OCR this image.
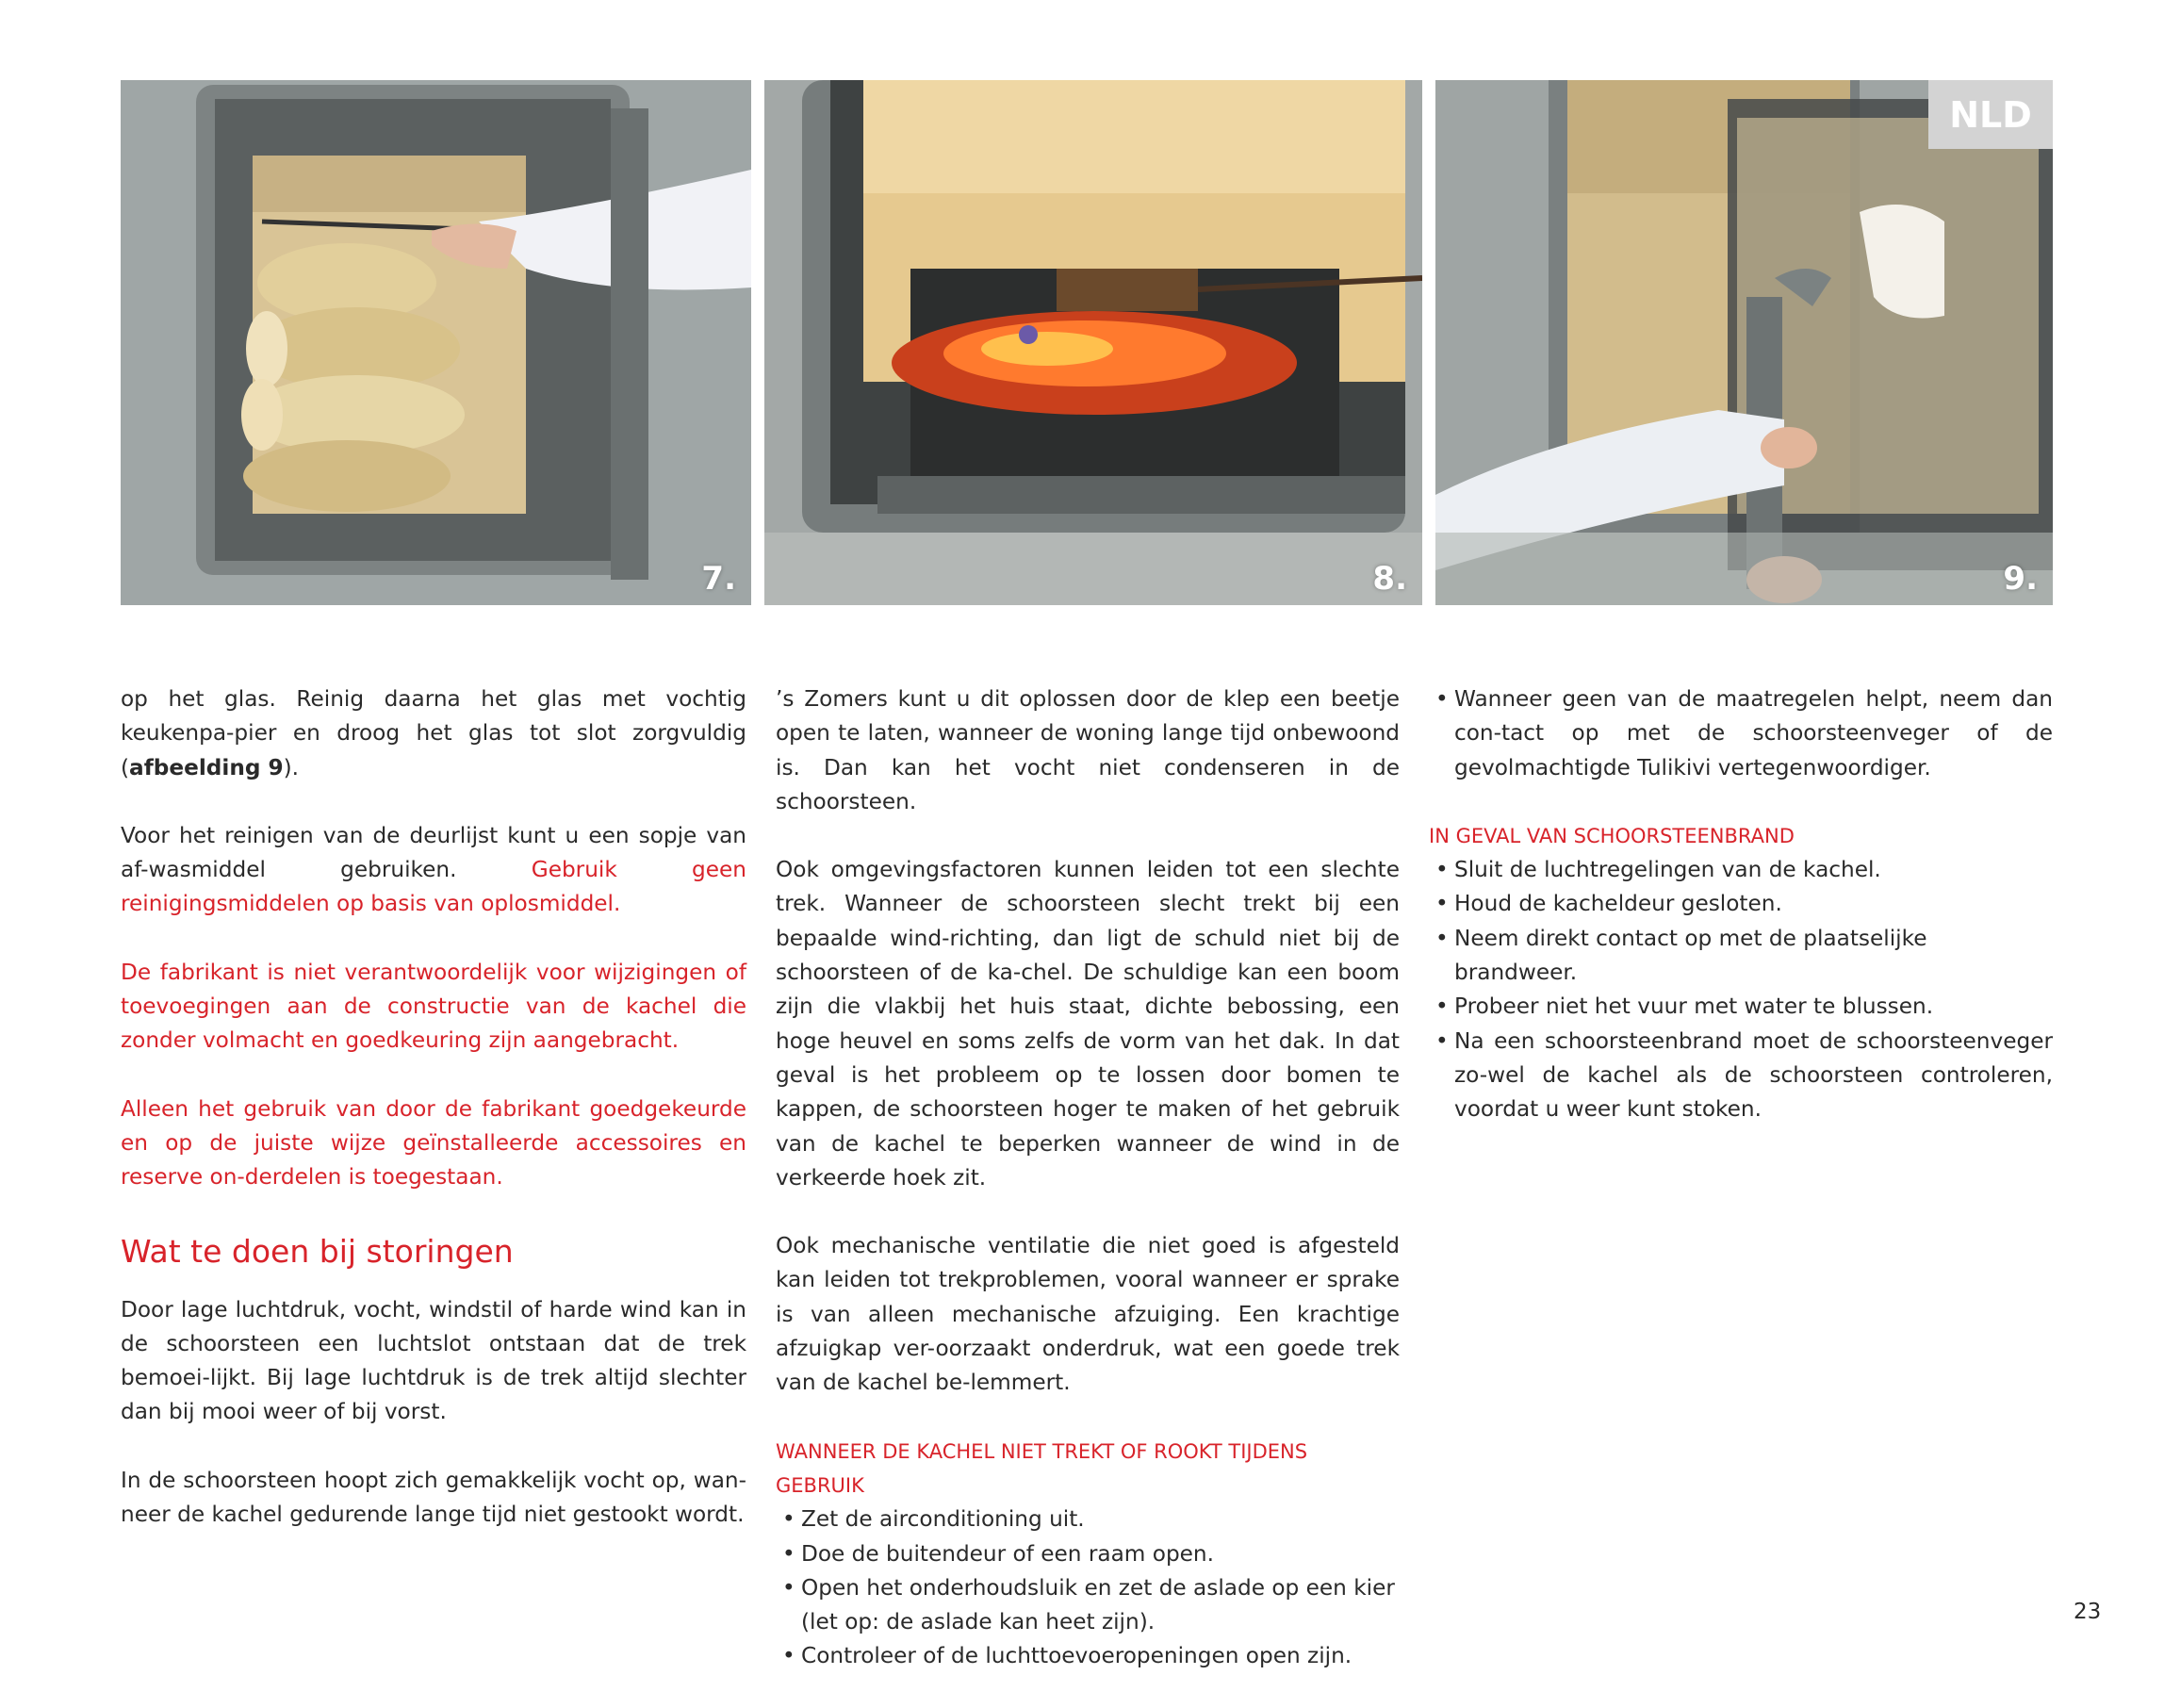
7.	8.	9.
NLD

op het glas. Reinig daarna het glas met vochtig keukenpa-pier en droog het glas tot slot zorgvuldig (afbeelding 9).

Voor het reinigen van de deurlijst kunt u een sopje van af-wasmiddel gebruiken. Gebruik geen reinigingsmiddelen op basis van oplosmiddel.

De fabrikant is niet verantwoordelijk voor wijzigingen of toevoegingen aan de constructie van de kachel die zonder volmacht en goedkeuring zijn aangebracht.

Alleen het gebruik van door de fabrikant goedgekeurde en op de juiste wijze geïnstalleerde accessoires en reserve on-derdelen is toegestaan.

Wat te doen bij storingen

Door lage luchtdruk, vocht, windstil of harde wind kan in de schoorsteen een luchtslot ontstaan dat de trek bemoei-lijkt. Bij lage luchtdruk is de trek altijd slechter dan bij mooi weer of bij vorst.

In de schoorsteen hoopt zich gemakkelijk vocht op, wan-neer de kachel gedurende lange tijd niet gestookt wordt.

’s Zomers kunt u dit oplossen door de klep een beetje open te laten, wanneer de woning lange tijd onbewoond is. Dan kan het vocht niet condenseren in de schoorsteen.

Ook omgevingsfactoren kunnen leiden tot een slechte trek. Wanneer de schoorsteen slecht trekt bij een bepaalde wind-richting, dan ligt de schuld niet bij de schoorsteen of de ka-chel. De schuldige kan een boom zijn die vlakbij het huis staat, dichte bebossing, een hoge heuvel en soms zelfs de vorm van het dak. In dat geval is het probleem op te lossen door bomen te kappen, de schoorsteen hoger te maken of het gebruik van de kachel te beperken wanneer de wind in de verkeerde hoek zit.

Ook mechanische ventilatie die niet goed is afgesteld kan leiden tot trekproblemen, vooral wanneer er sprake is van alleen mechanische afzuiging. Een krachtige afzuigkap ver-oorzaakt onderdruk, wat een goede trek van de kachel be-lemmert.

WANNEER DE KACHEL NIET TREKT OF ROOKT TIJDENS GEBRUIK
• Zet de airconditioning uit.
• Doe de buitendeur of een raam open.
• Open het onderhoudsluik en zet de aslade op een kier (let op: de aslade kan heet zijn).
• Controleer of de luchttoevoeropeningen open zijn.
• Wanneer geen van de maatregelen helpt, neem dan con-tact op met de schoorsteenveger of de gevolmachtigde Tulikivi vertegenwoordiger.
IN GEVAL VAN SCHOORSTEENBRAND
• Sluit de luchtregelingen van de kachel.
• Houd de kacheldeur gesloten.
• Neem direkt contact op met de plaatselijke brandweer.
• Probeer niet het vuur met water te blussen.
• Na een schoorsteenbrand moet de schoorsteenveger zo-wel de kachel als de schoorsteen controleren, voordat u weer kunt stoken.
23
